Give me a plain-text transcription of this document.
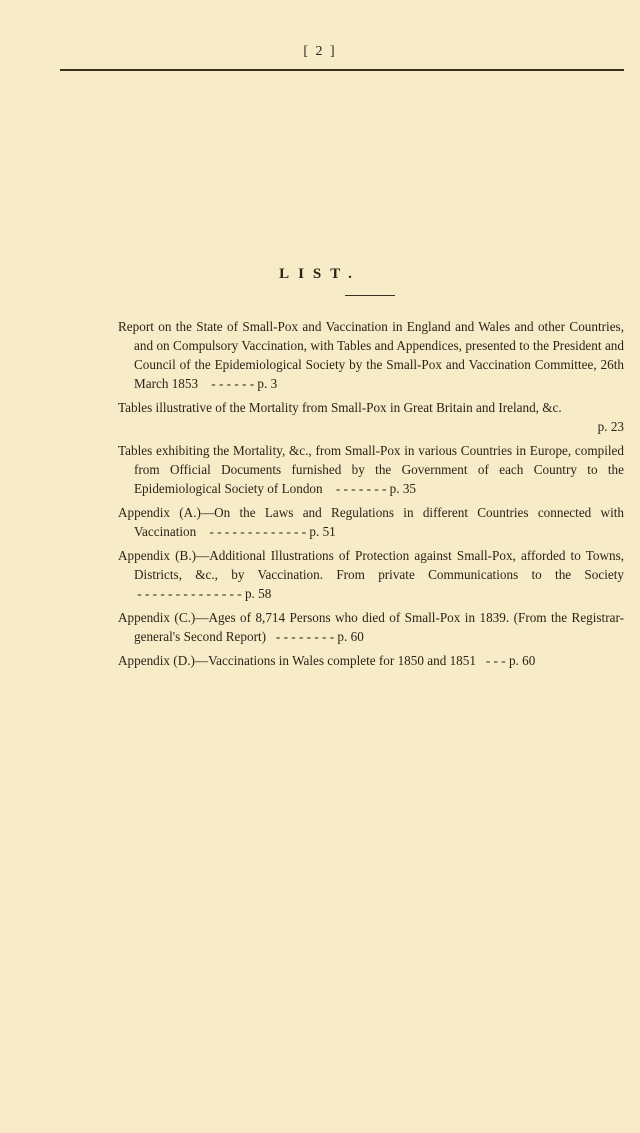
[ 2 ]
LIST.

Report on the State of Small-Pox and Vaccination in England and Wales and other Countries, and on Compulsory Vaccination, with Tables and Appendices, presented to the President and Council of the Epidemiological Society by the Small-Pox and Vaccination Committee, 26th March 1853 - - - - - - p. 3

Tables illustrative of the Mortality from Small-Pox in Great Britain and Ireland, &c.
p. 23

Tables exhibiting the Mortality, &c., from Small-Pox in various Countries in Europe, compiled from Official Documents furnished by the Government of each Country to the Epidemiological Society of London - - - - - - - p. 35

Appendix (A.)—On the Laws and Regulations in different Countries connected with Vaccination - - - - - - - - - - - - - p. 51

Appendix (B.)—Additional Illustrations of Protection against Small-Pox, afforded to Towns, Districts, &c., by Vaccination. From private Communications to the Society  - - - - - - - - - - - - - - p. 58

Appendix (C.)—Ages of 8,714 Persons who died of Small-Pox in 1839. (From the Registrar-general's Second Report) - - - - - - - - p. 60

Appendix (D.)—Vaccinations in Wales complete for 1850 and 1851 - - - p. 60
